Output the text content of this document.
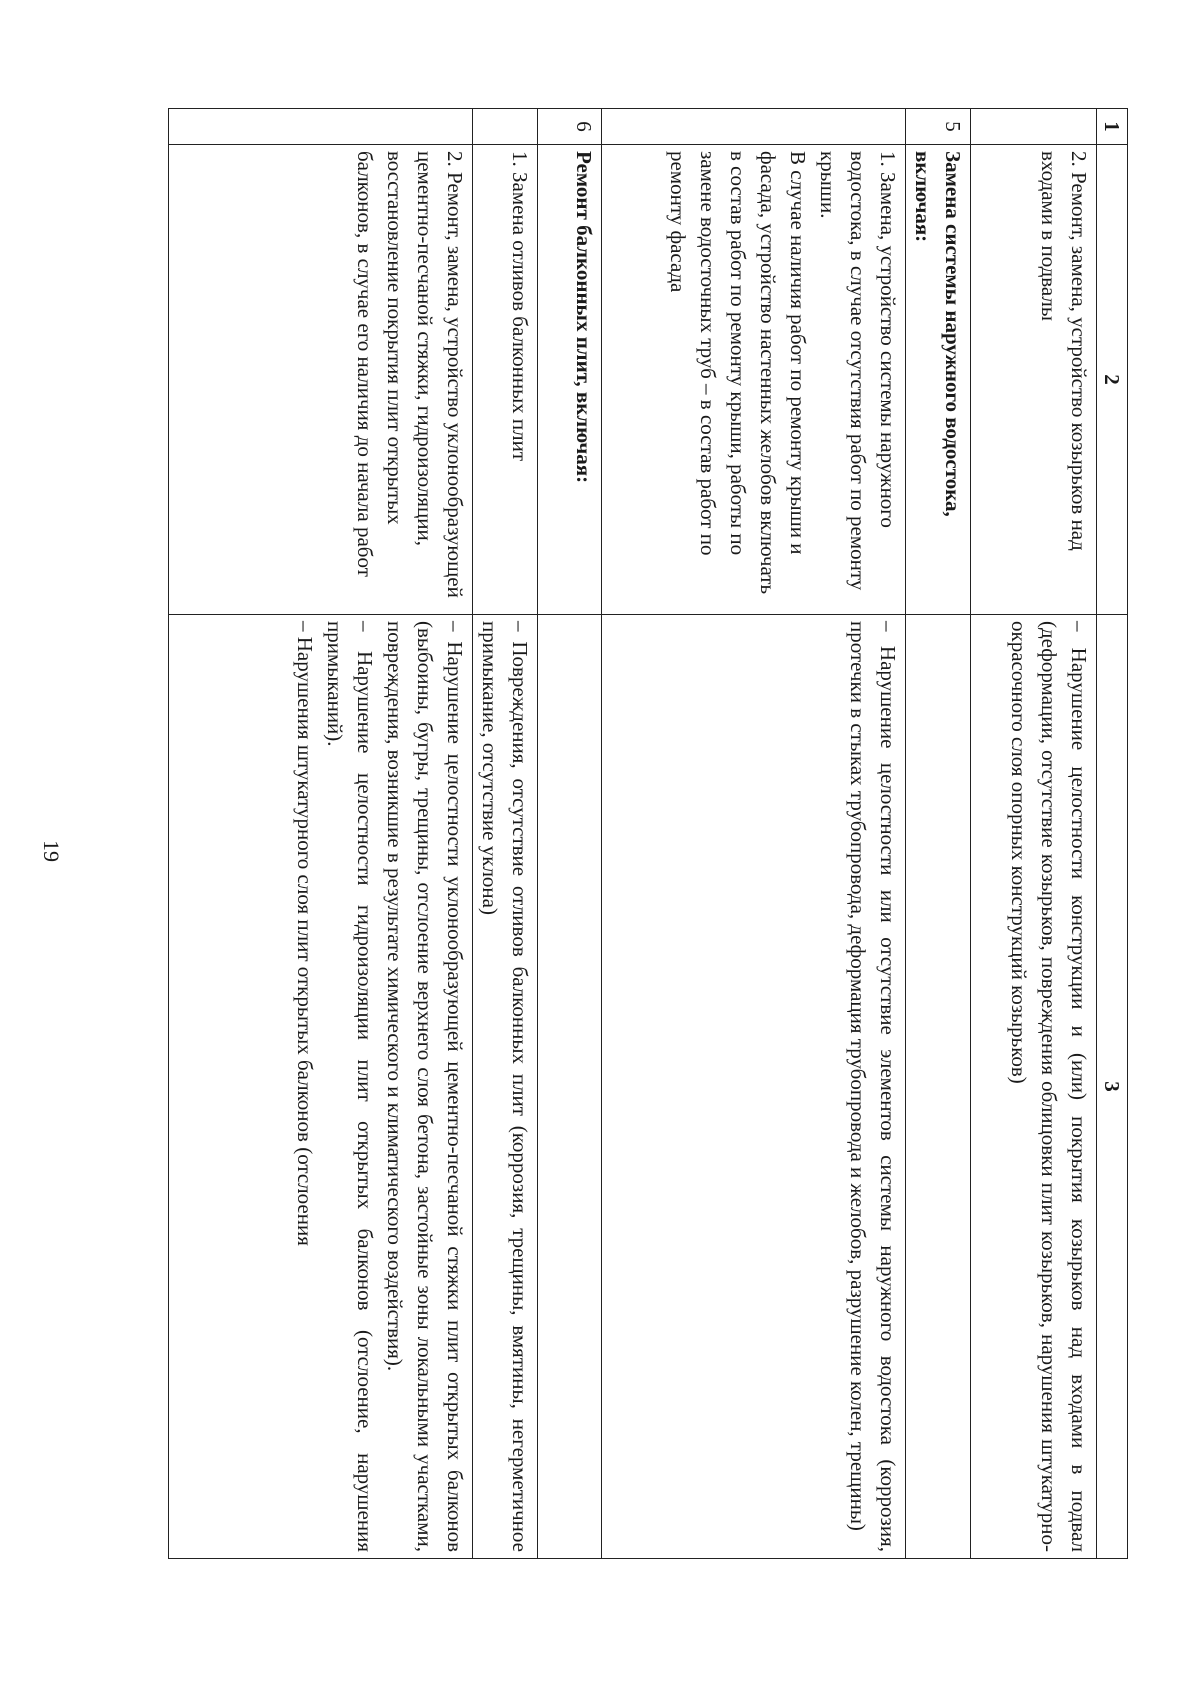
19
1	2	3

	2. Ремонт, замена, устройство козырьков над входами в подвалы	– Нарушение целостности конструкции и (или) покрытия козырьков над входами в подвал (деформации, отсутствие козырьков, повреждения облицовки плит козырьков, нарушения штукатурно-окрасочного слоя опорных конструкций козырьков)

5	Замена системы наружного водостока, включая:	

	1. Замена, устройство системы наружного водостока, в случае отсутствия работ по ремонту крыши.
В случае наличия работ по ремонту крыши и фасада, устройство настенных желобов включать в состав работ по ремонту крыши, работы по замене водосточных труб – в состав работ по ремонту фасада	– Нарушение целостности или отсутствие элементов системы наружного водостока (коррозия, протечки в стыках трубопровода, деформация трубопровода и желобов, разрушение колен, трещины)

6	Ремонт балконных плит, включая:	

	1. Замена отливов балконных плит	– Повреждения, отсутствие отливов балконных плит (коррозия, трещины, вмятины, негерметичное примыкание, отсутствие уклона)

	2. Ремонт, замена, устройство уклонообразующей цементно-песчаной стяжки, гидроизоляции, восстановление покрытия плит открытых балконов, в случае его наличия до начала работ	– Нарушение целостности уклонообразующей цементно-песчаной стяжки плит открытых балконов (выбоины, бугры, трещины, отслоение верхнего слоя бетона, застойные зоны локальными участками, повреждения, возникшие в результате химического и климатического воздействия).
– Нарушение целостности гидроизоляции плит открытых балконов (отслоение, нарушения примыканий).
– Нарушения штукатурного слоя плит открытых балконов (отслоения
